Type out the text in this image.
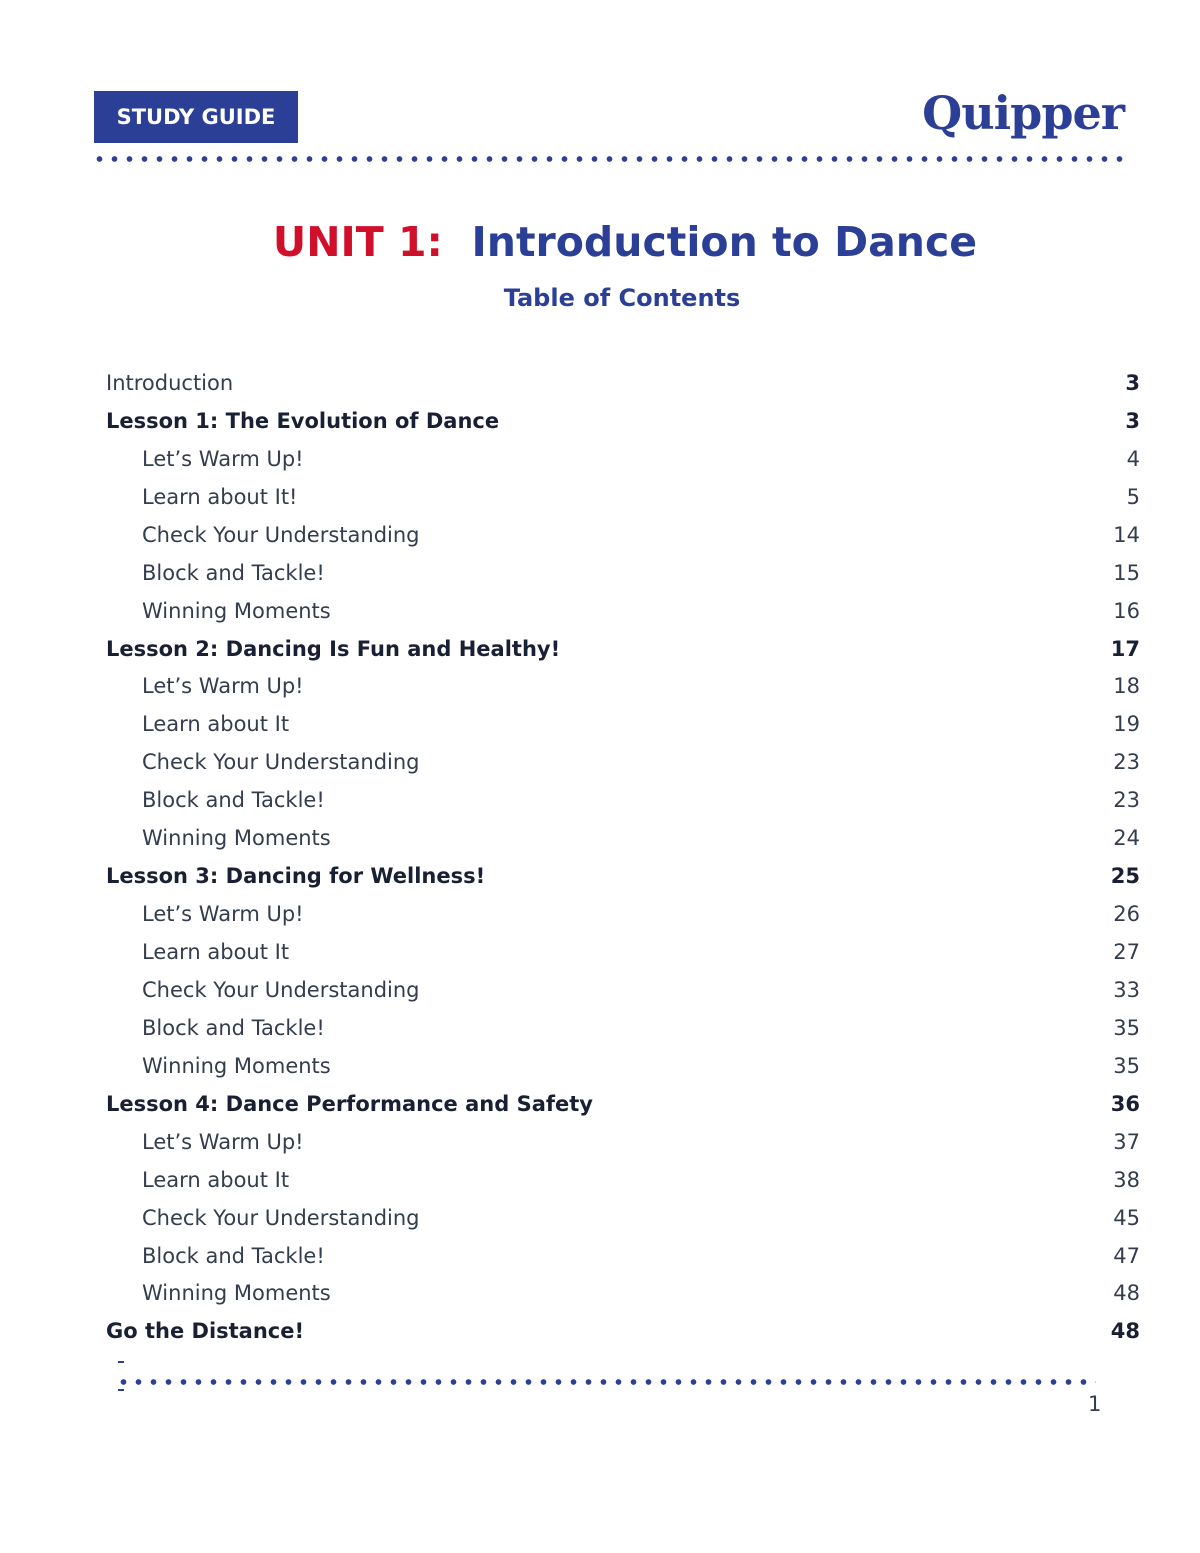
STUDY GUIDE	Quipper
UNIT 1: Introduction to Dance
Table of Contents
Introduction	3
Lesson 1: The Evolution of Dance	3
Let’s Warm Up!	4
Learn about It!	5
Check Your Understanding	14
Block and Tackle!	15
Winning Moments	16
Lesson 2: Dancing Is Fun and Healthy!	17
Let’s Warm Up!	18
Learn about It	19
Check Your Understanding	23
Block and Tackle!	23
Winning Moments	24
Lesson 3: Dancing for Wellness!	25
Let’s Warm Up!	26
Learn about It	27
Check Your Understanding	33
Block and Tackle!	35
Winning Moments	35
Lesson 4: Dance Performance and Safety	36
Let’s Warm Up!	37
Learn about It	38
Check Your Understanding	45
Block and Tackle!	47
Winning Moments	48
Go the Distance!	48
1
